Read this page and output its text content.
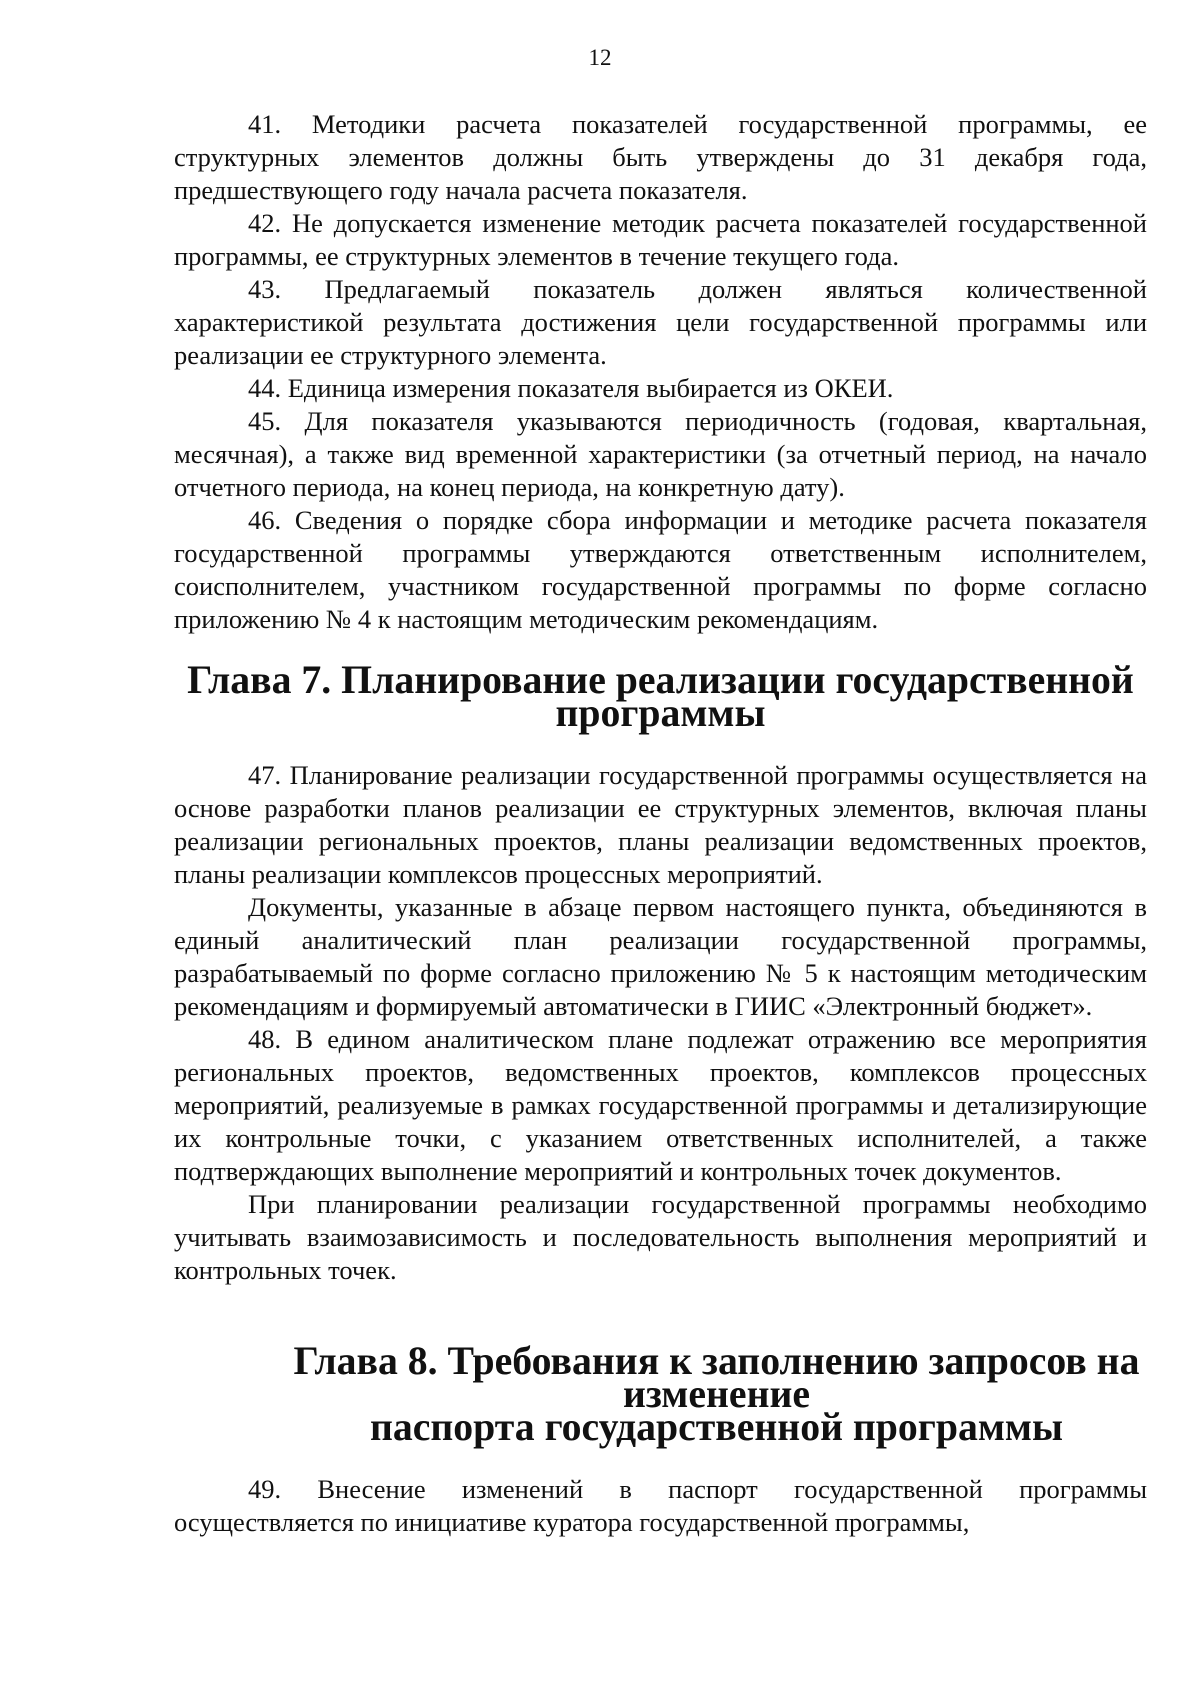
12

41. Методики расчета показателей государственной программы, ее структурных элементов должны быть утверждены до 31 декабря года, предшествующего году начала расчета показателя.

42. Не допускается изменение методик расчета показателей государственной программы, ее структурных элементов в течение текущего года.

43. Предлагаемый показатель должен являться количественной характеристикой результата достижения цели государственной программы или реализации ее структурного элемента.

44. Единица измерения показателя выбирается из ОКЕИ.

45. Для показателя указываются периодичность (годовая, квартальная, месячная), а также вид временной характеристики (за отчетный период, на начало отчетного периода, на конец периода, на конкретную дату).

46. Сведения о порядке сбора информации и методике расчета показателя государственной программы утверждаются ответственным исполнителем, соисполнителем, участником государственной программы по форме согласно приложению № 4 к настоящим методическим рекомендациям.

Глава 7. Планирование реализации государственной программы

47. Планирование реализации государственной программы осуществляется на основе разработки планов реализации ее структурных элементов, включая планы реализации региональных проектов, планы реализации ведомственных проектов, планы реализации комплексов процессных мероприятий.

Документы, указанные в абзаце первом настоящего пункта, объединяются в единый аналитический план реализации государственной программы, разрабатываемый по форме согласно приложению № 5 к настоящим методическим рекомендациям и формируемый автоматически в ГИИС «Электронный бюджет».

48. В едином аналитическом плане подлежат отражению все мероприятия региональных проектов, ведомственных проектов, комплексов процессных мероприятий, реализуемые в рамках государственной программы и детализирующие их контрольные точки, с указанием ответственных исполнителей, а также подтверждающих выполнение мероприятий и контрольных точек документов.

При планировании реализации государственной программы необходимо учитывать взаимозависимость и последовательность выполнения мероприятий и контрольных точек.

Глава 8. Требования к заполнению запросов на изменение
паспорта государственной программы

49. Внесение изменений в паспорт государственной программы осуществляется по инициативе куратора государственной программы,
